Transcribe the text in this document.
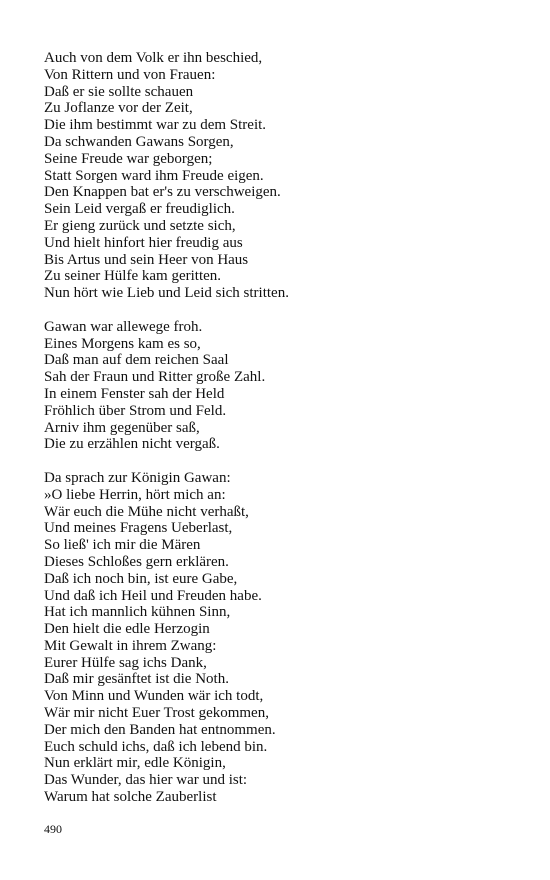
Auch von dem Volk er ihn beschied,
Von Rittern und von Frauen:
Daß er sie sollte schauen
Zu Joflanze vor der Zeit,
Die ihm bestimmt war zu dem Streit.
Da schwanden Gawans Sorgen,
Seine Freude war geborgen;
Statt Sorgen ward ihm Freude eigen.
Den Knappen bat er's zu verschweigen.
Sein Leid vergaß er freudiglich.
Er gieng zurück und setzte sich,
Und hielt hinfort hier freudig aus
Bis Artus und sein Heer von Haus
Zu seiner Hülfe kam geritten.
Nun hört wie Lieb und Leid sich stritten.
Gawan war allewege froh.
Eines Morgens kam es so,
Daß man auf dem reichen Saal
Sah der Fraun und Ritter große Zahl.
In einem Fenster sah der Held
Fröhlich über Strom und Feld.
Arniv ihm gegenüber saß,
Die zu erzählen nicht vergaß.
Da sprach zur Königin Gawan:
»O liebe Herrin, hört mich an:
Wär euch die Mühe nicht verhaßt,
Und meines Fragens Ueberlast,
So ließ' ich mir die Mären
Dieses Schloßes gern erklären.
Daß ich noch bin, ist eure Gabe,
Und daß ich Heil und Freuden habe.
Hat ich mannlich kühnen Sinn,
Den hielt die edle Herzogin
Mit Gewalt in ihrem Zwang:
Eurer Hülfe sag ichs Dank,
Daß mir gesänftet ist die Noth.
Von Minn und Wunden wär ich todt,
Wär mir nicht Euer Trost gekommen,
Der mich den Banden hat entnommen.
Euch schuld ichs, daß ich lebend bin.
Nun erklärt mir, edle Königin,
Das Wunder, das hier war und ist:
Warum hat solche Zauberlist
490
